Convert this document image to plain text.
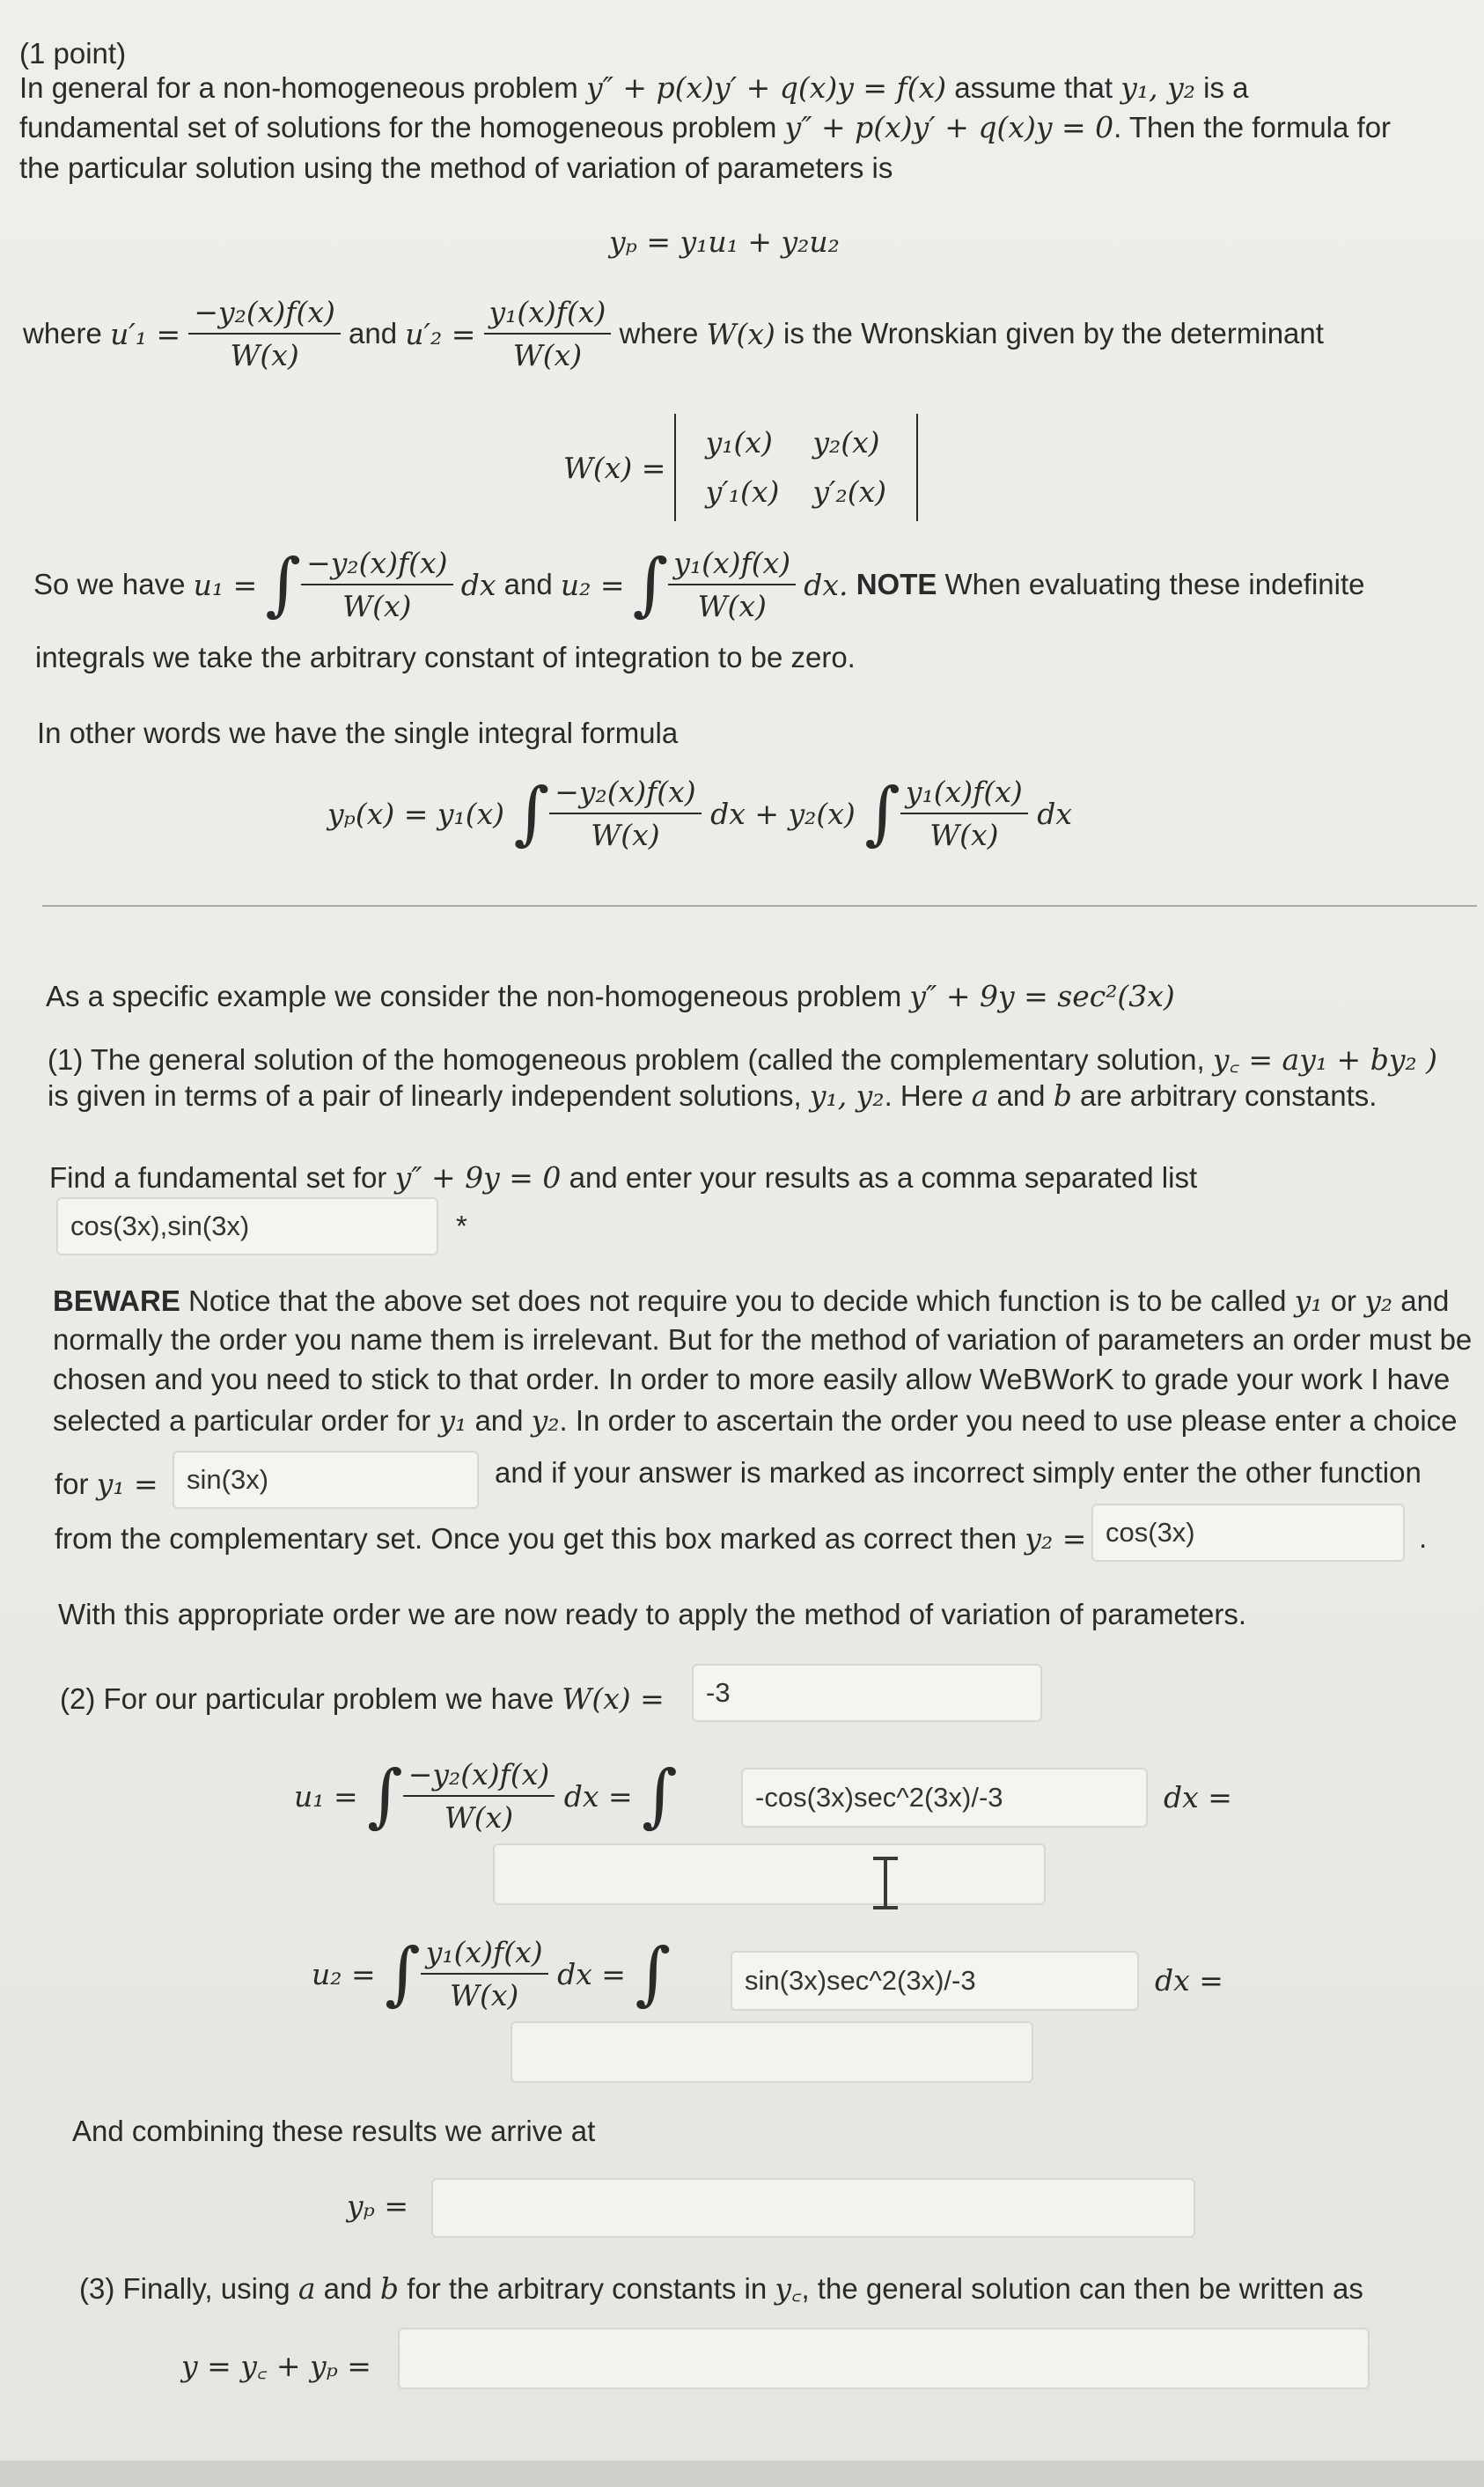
(1 point)
In general for a non-homogeneous problem y″ + p(x)y′ + q(x)y = f(x) assume that y₁, y₂ is a
fundamental set of solutions for the homogeneous problem y″ + p(x)y′ + q(x)y = 0. Then the formula for
the particular solution using the method of variation of parameters is
yₚ = y₁u₁ + y₂u₂
where
u′₁ =
$\frac{\text{−y₂(x)f(x)}}{W(x)}$
and
u′₂ =
$\frac{\text{y₁(x)f(x)}}{W(x)}$
where
W(x)
is the Wronskian given by the determinant
W(x) =

y₁(x)	y₂(x)
y′₁(x)	y′₂(x)
So we have
u₁ =
∫ $\frac{\text{−y₂(x)f(x)}}{W(x)}$
dx
and
u₂ =
∫ $\frac{\text{y₁(x)f(x)}}{W(x)}$
dx.
NOTE
When evaluating these indefinite
integrals we take the arbitrary constant of integration to be zero.
In other words we have the single integral formula
yₚ(x) = y₁(x)
∫ $\frac{\text{−y₂(x)f(x)}}{W(x)}$
dx + y₂(x)
∫ $\frac{\text{y₁(x)f(x)}}{W(x)}$
dx
As a specific example we consider the non-homogeneous problem y″ + 9y = sec²(3x)
(1) The general solution of the homogeneous problem (called the complementary solution, y꜀ = ay₁ + by₂ )
is given in terms of a pair of linearly independent solutions, y₁, y₂. Here a and b are arbitrary constants.
Find a fundamental set for y″ + 9y = 0 and enter your results as a comma separated list
cos(3x),sin(3x)	*
BEWARE Notice that the above set does not require you to decide which function is to be called y₁ or y₂ and
normally the order you name them is irrelevant. But for the method of variation of parameters an order must be
chosen and you need to stick to that order. In order to more easily allow WeBWorK to grade your work I have
selected a particular order for y₁ and y₂. In order to ascertain the order you need to use please enter a choice
for y₁ =	sin(3x)	and if your answer is marked as incorrect simply enter the other function
from the complementary set. Once you get this box marked as correct then y₂ = cos(3x)	.
With this appropriate order we are now ready to apply the method of variation of parameters.
(2) For our particular problem we have W(x) =	-3
u₁ =
∫ $\frac{\text{−y₂(x)f(x)}}{W(x)}$
dx =
∫	-cos(3x)sec^2(3x)/-3	dx =
u₂ =
∫ $\frac{\text{y₁(x)f(x)}}{W(x)}$
dx =
∫	sin(3x)sec^2(3x)/-3	dx =
And combining these results we arrive at
yₚ =
(3) Finally, using a and b for the arbitrary constants in y꜀, the general solution can then be written as
y = y꜀ + yₚ =
